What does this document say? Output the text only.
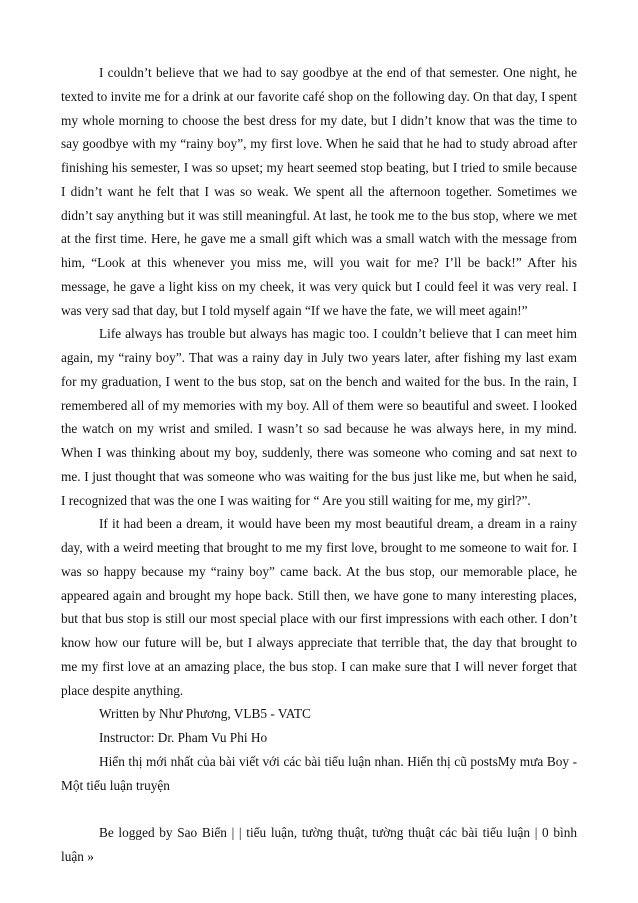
I couldn’t believe that we had to say goodbye at the end of that semester. One night, he texted to invite me for a drink at our favorite café shop on the following day. On that day, I spent my whole morning to choose the best dress for my date, but I didn’t know that was the time to say goodbye with my “rainy boy”, my first love. When he said that he had to study abroad after finishing his semester, I was so upset; my heart seemed stop beating, but I tried to smile because I didn’t want he felt that I was so weak. We spent all the afternoon together. Sometimes we didn’t say anything but it was still meaningful. At last, he took me to the bus stop, where we met at the first time. Here, he gave me a small gift which was a small watch with the message from him, “Look at this whenever you miss me, will you wait for me? I’ll be back!” After his message, he gave a light kiss on my cheek, it was very quick but I could feel it was very real. I was very sad that day, but I told myself again “If we have the fate, we will meet again!”

Life always has trouble but always has magic too. I couldn’t believe that I can meet him again, my “rainy boy”. That was a rainy day in July two years later, after fishing my last exam for my graduation, I went to the bus stop, sat on the bench and waited for the bus. In the rain, I remembered all of my memories with my boy. All of them were so beautiful and sweet. I looked the watch on my wrist and smiled. I wasn’t so sad because he was always here, in my mind. When I was thinking about my boy, suddenly, there was someone who coming and sat next to me. I just thought that was someone who was waiting for the bus just like me, but when he said, I recognized that was the one I was waiting for “ Are you still waiting for me, my girl?”.

If it had been a dream, it would have been my most beautiful dream, a dream in a rainy day, with a weird meeting that brought to me my first love, brought to me someone to wait for. I was so happy because my “rainy boy” came back. At the bus stop, our memorable place, he appeared again and brought my hope back. Still then, we have gone to many interesting places, but that bus stop is still our most special place with our first impressions with each other. I don’t know how our future will be, but I always appreciate that terrible that, the day that brought to me my first love at an amazing place, the bus stop. I can make sure that I will never forget that place despite anything.

Written by Như Phương, VLB5 - VATC

Instructor: Dr. Pham Vu Phi Ho

Hiển thị mới nhất của bài viết với các bài tiểu luận nhan. Hiển thị cũ postsMy mưa Boy - Một tiểu luận truyện

Be logged by Sao Biển | | tiểu luận, tường thuật, tường thuật các bài tiểu luận | 0 bình luận »
